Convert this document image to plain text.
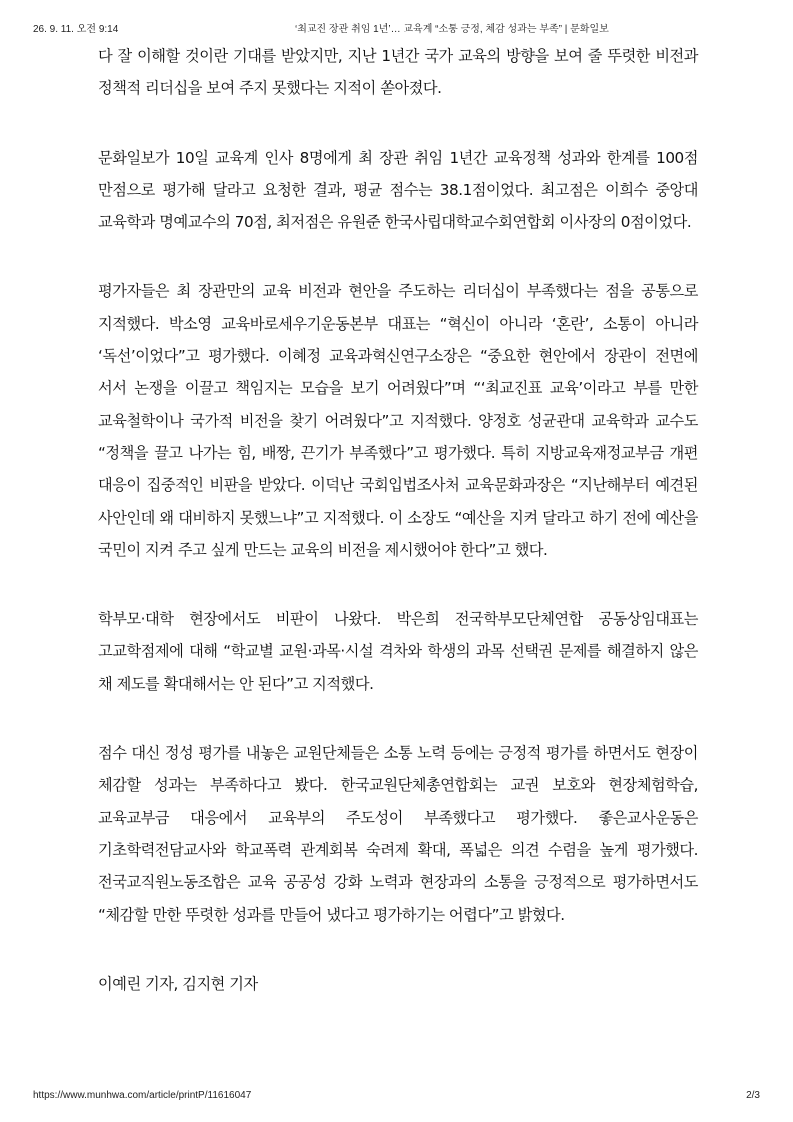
26. 9. 11. 오전 9:14	‘최교진 장관 취임 1년’… 교육계 “소통 긍정, 체감 성과는 부족” | 문화일보

다 잘 이해할 것이란 기대를 받았지만, 지난 1년간 국가 교육의 방향을 보여 줄 뚜렷한 비전과 정책적 리더십을 보여 주지 못했다는 지적이 쏟아졌다.

문화일보가 10일 교육계 인사 8명에게 최 장관 취임 1년간 교육정책 성과와 한계를 100점 만점으로 평가해 달라고 요청한 결과, 평균 점수는 38.1점이었다. 최고점은 이희수 중앙대 교육학과 명예교수의 70점, 최저점은 유원준 한국사립대학교수회연합회 이사장의 0점이었다.

평가자들은 최 장관만의 교육 비전과 현안을 주도하는 리더십이 부족했다는 점을 공통으로 지적했다. 박소영 교육바로세우기운동본부 대표는 “혁신이 아니라 ‘혼란’, 소통이 아니라 ‘독선’이었다”고 평가했다. 이혜정 교육과혁신연구소장은 “중요한 현안에서 장관이 전면에 서서 논쟁을 이끌고 책임지는 모습을 보기 어려웠다”며 “‘최교진표 교육’이라고 부를 만한 교육철학이나 국가적 비전을 찾기 어려웠다”고 지적했다. 양정호 성균관대 교육학과 교수도 “정책을 끌고 나가는 힘, 배짱, 끈기가 부족했다”고 평가했다. 특히 지방교육재정교부금 개편 대응이 집중적인 비판을 받았다. 이덕난 국회입법조사처 교육문화과장은 “지난해부터 예견된 사안인데 왜 대비하지 못했느냐”고 지적했다. 이 소장도 “예산을 지켜 달라고 하기 전에 예산을 국민이 지켜 주고 싶게 만드는 교육의 비전을 제시했어야 한다”고 했다.

학부모·대학 현장에서도 비판이 나왔다. 박은희 전국학부모단체연합 공동상임대표는 고교학점제에 대해 “학교별 교원·과목·시설 격차와 학생의 과목 선택권 문제를 해결하지 않은 채 제도를 확대해서는 안 된다”고 지적했다.

점수 대신 정성 평가를 내놓은 교원단체들은 소통 노력 등에는 긍정적 평가를 하면서도 현장이 체감할 성과는 부족하다고 봤다. 한국교원단체총연합회는 교권 보호와 현장체험학습, 교육교부금 대응에서 교육부의 주도성이 부족했다고 평가했다. 좋은교사운동은 기초학력전담교사와 학교폭력 관계회복 숙려제 확대, 폭넓은 의견 수렴을 높게 평가했다. 전국교직원노동조합은 교육 공공성 강화 노력과 현장과의 소통을 긍정적으로 평가하면서도 “체감할 만한 뚜렷한 성과를 만들어 냈다고 평가하기는 어렵다”고 밝혔다.

이예린 기자, 김지현 기자

https://www.munhwa.com/article/printP/11616047	2/3
